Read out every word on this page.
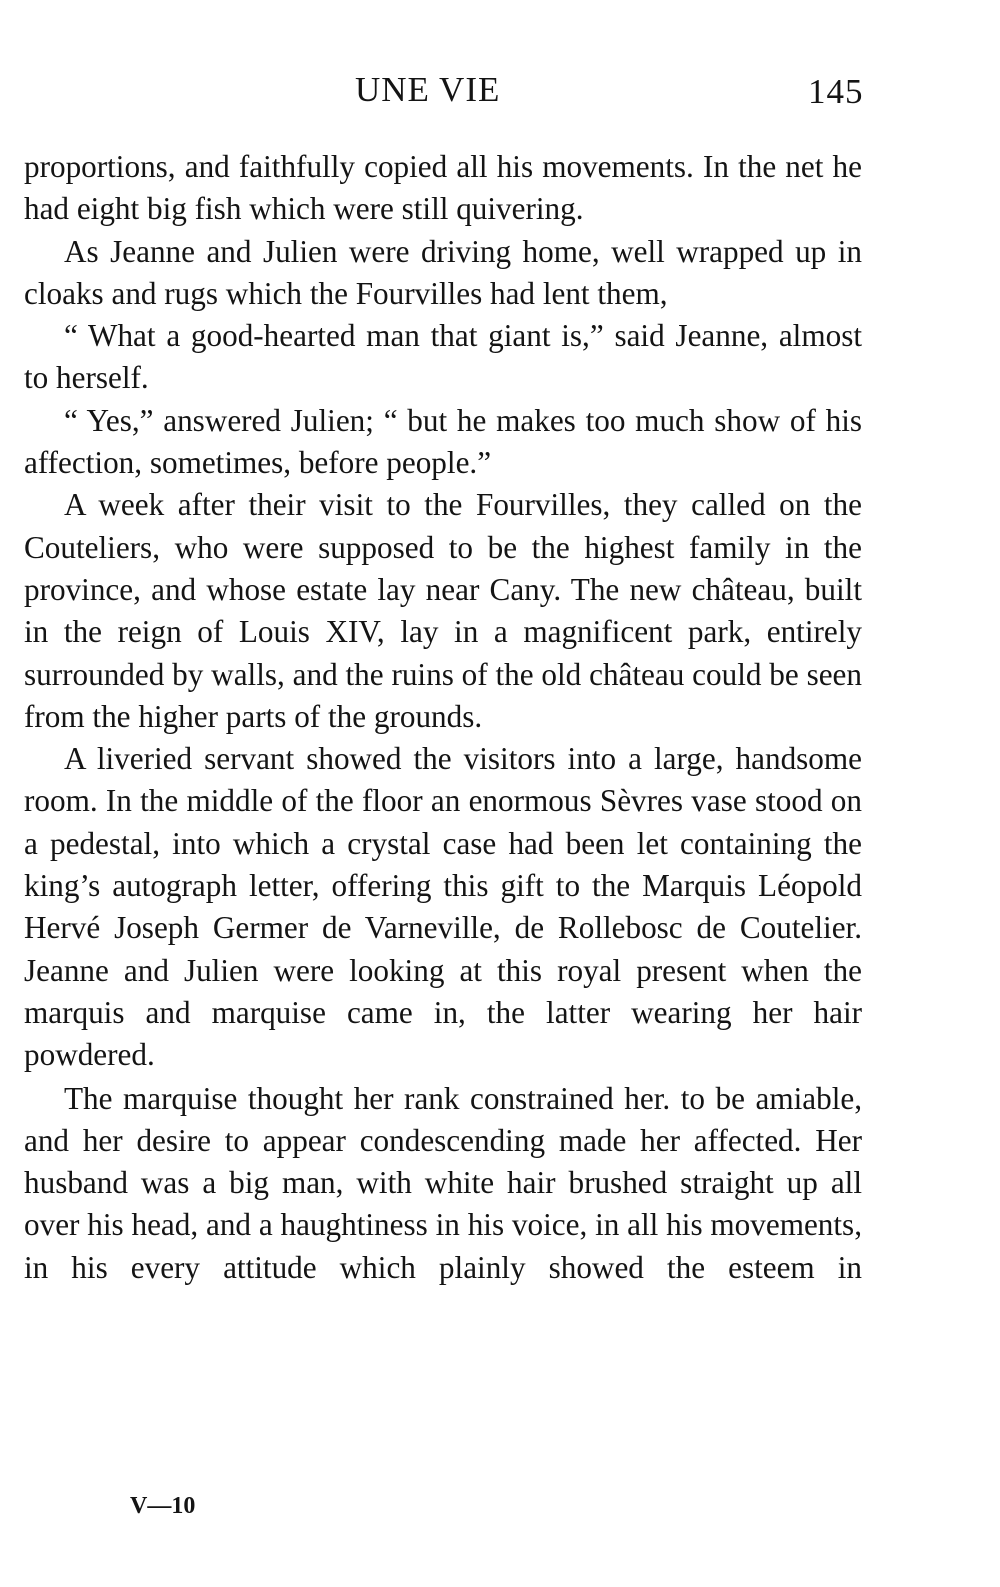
UNE VIE	145

proportions, and faithfully copied all his movements. In the net he had eight big fish which were still quivering.

As Jeanne and Julien were driving home, well wrapped up in cloaks and rugs which the Fourvilles had lent them,

“ What a good-hearted man that giant is,” said Jeanne, almost to herself.

“ Yes,” answered Julien; “ but he makes too much show of his affection, sometimes, before people.”

A week after their visit to the Fourvilles, they called on the Couteliers, who were supposed to be the highest family in the province, and whose estate lay near Cany. The new château, built in the reign of Louis XIV, lay in a magnificent park, entirely surrounded by walls, and the ruins of the old château could be seen from the higher parts of the grounds.

A liveried servant showed the visitors into a large, handsome room. In the middle of the floor an enormous Sèvres vase stood on a pedestal, into which a crystal case had been let containing the king’s autograph letter, offering this gift to the Marquis Léopold Hervé Joseph Germer de Varneville, de Rollebosc de Coutelier. Jeanne and Julien were looking at this royal present when the marquis and marquise came in, the latter wearing her hair powdered.

The marquise thought her rank constrained her. to be amiable, and her desire to appear condescending made her affected. Her husband was a big man, with white hair brushed straight up all over his head, and a haughtiness in his voice, in all his movements, in his every attitude which plainly showed the esteem in

V—10
